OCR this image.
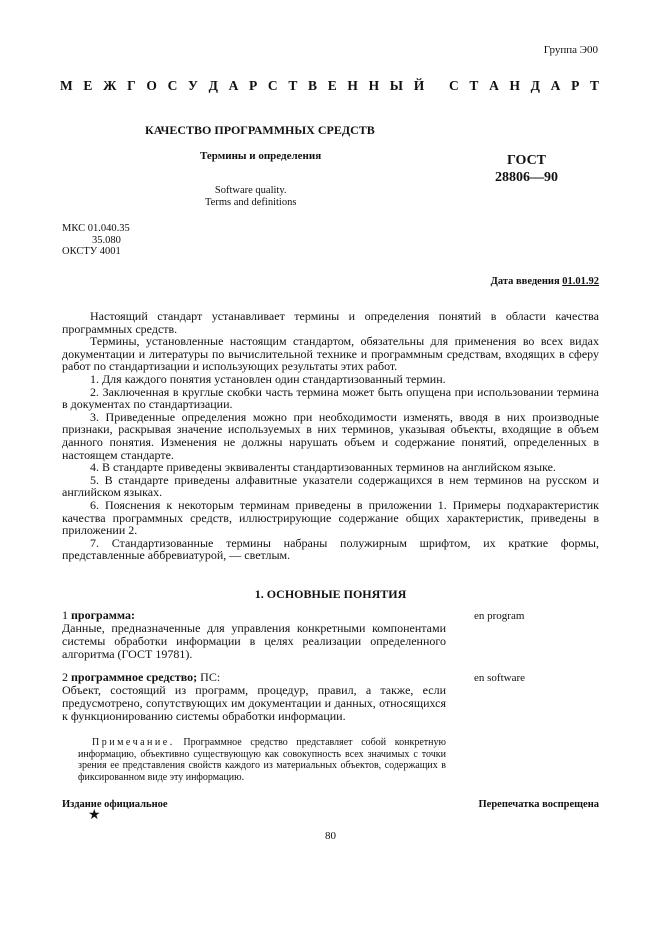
Группа Э00
М Е Ж Г О С У Д А Р С Т В Е Н Н Ы Й
С Т А Н Д А Р Т
КАЧЕСТВО ПРОГРАММНЫХ СРЕДСТВ
Термины и определения	ГОСТ
28806—90
Software quality.
Terms and definitions
МКС 01.040.35
35.080
ОКСТУ 4001
Дата введения 01.01.92

Настоящий стандарт устанавливает термины и определения понятий в области качества программных средств.

Термины, установленные настоящим стандартом, обязательны для применения во всех видах документации и литературы по вычислительной технике и программным средствам, входящих в сферу работ по стандартизации и использующих результаты этих работ.

1. Для каждого понятия установлен один стандартизованный термин.

2. Заключенная в круглые скобки часть термина может быть опущена при использовании термина в документах по стандартизации.

3. Приведенные определения можно при необходимости изменять, вводя в них производные признаки, раскрывая значение используемых в них терминов, указывая объекты, входящие в объем данного понятия. Изменения не должны нарушать объем и содержание понятий, определенных в настоящем стандарте.

4. В стандарте приведены эквиваленты стандартизованных терминов на английском языке.

5. В стандарте приведены алфавитные указатели содержащихся в нем терминов на русском и английском языках.

6. Пояснения к некоторым терминам приведены в приложении 1. Примеры подхарактеристик качества программных средств, иллюстрирующие содержание общих характеристик, приведены в приложении 2.

7. Стандартизованные термины набраны полужирным шрифтом, их краткие формы, представленные аббревиатурой, — светлым.

1. ОСНОВНЫЕ ПОНЯТИЯ

1 программа:

Данные, предназначенные для управления конкретными компонентами системы обработки информации в целях реализации определенного алгоритма (ГОСТ 19781).

en program

2 программное средство; ПС:

Объект, состоящий из программ, процедур, правил, а также, если предусмотрено, сопутствующих им документации и данных, относящихся к функционированию системы обработки информации.

en software
Примечание. Программное средство представляет собой конкретную информацию, объективно существующую как совокупность всех значимых с точки зрения ее представления свойств каждого из материальных объектов, содержащих в фиксированном виде эту информацию.
Издание официальное	Перепечатка воспрещена
★
80
